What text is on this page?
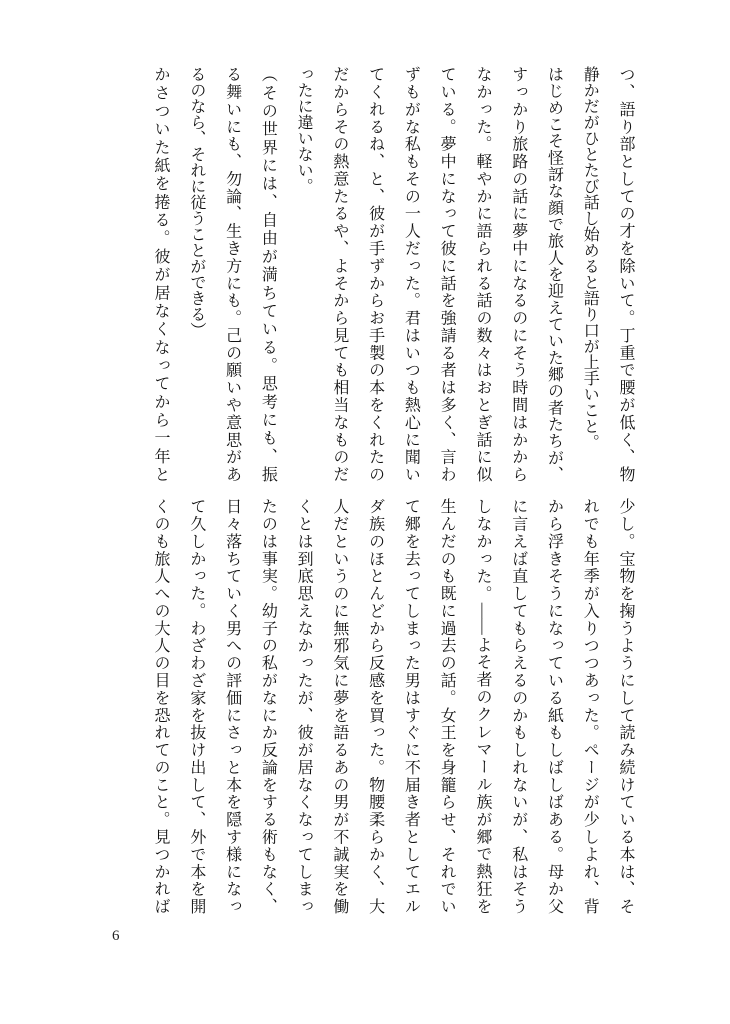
つ、語り部としての才を除いて。丁重で腰が低く、物
静かだがひとたび話し始めると語り口が上手いこと。
はじめこそ怪訝な顔で旅人を迎えていた郷の者たちが、
すっかり旅路の話に夢中になるのにそう時間はかから
なかった。軽やかに語られる話の数々はおとぎ話に似
ている。夢中になって彼に話を強請る者は多く、言わ
ずもがな私もその一人だった。君はいつも熱心に聞い
てくれるね、と、彼が手ずからお手製の本をくれたの
だからその熱意たるや、よそから見ても相当なものだ
ったに違いない。
（その世界には、自由が満ちている。思考にも、振
る舞いにも、勿論、生き方にも。己の願いや意思があ
るのなら、それに従うことができる）
かさついた紙を捲る。彼が居なくなってから一年と
少し。宝物を掬うようにして読み続けている本は、そ
れでも年季が入りつつあった。ページが少しよれ、背
から浮きそうになっている紙もしばしばある。母か父
に言えば直してもらえるのかもしれないが、私はそう
しなかった。——よそ者のクレマール族が郷で熱狂を
生んだのも既に過去の話。女王を身籠らせ、それでい
て郷を去ってしまった男はすぐに不届き者としてエル
ダ族のほとんどから反感を買った。物腰柔らかく、大
人だというのに無邪気に夢を語るあの男が不誠実を働
くとは到底思えなかったが、彼が居なくなってしまっ
たのは事実。幼子の私がなにか反論をする術もなく、
日々落ちていく男への評価にさっと本を隠す様になっ
て久しかった。わざわざ家を抜け出して、外で本を開
くのも旅人への大人の目を恐れてのこと。見つかれば
6
